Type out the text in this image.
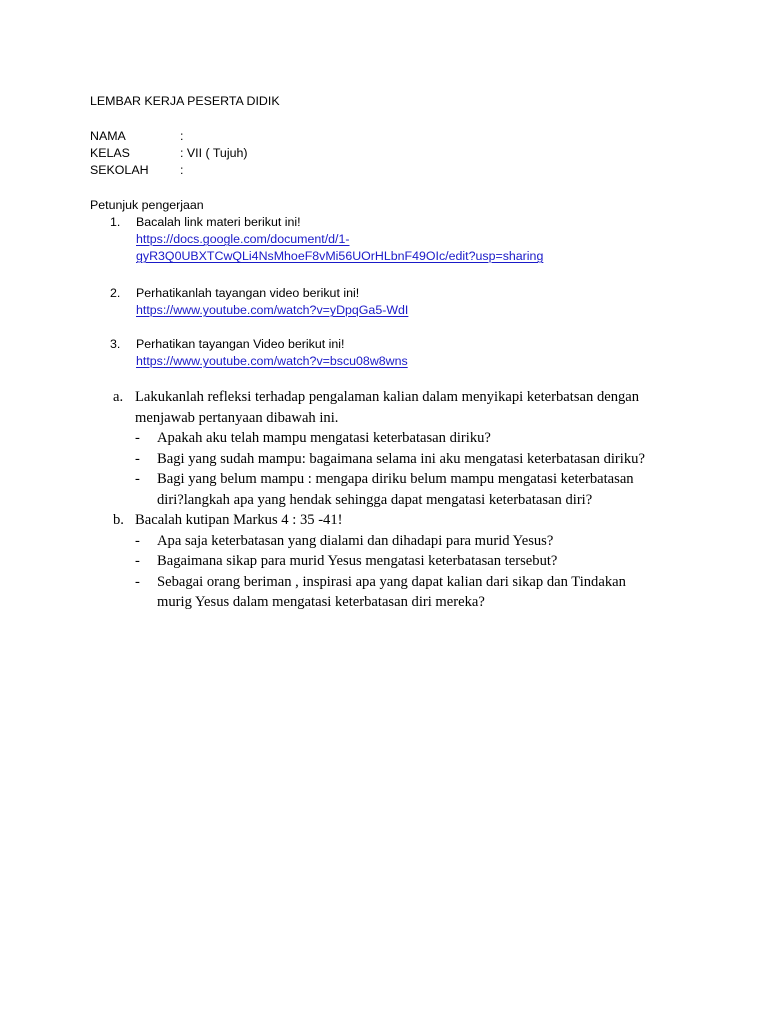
LEMBAR KERJA PESERTA DIDIK
NAMA	:
KELAS	: VII ( Tujuh)
SEKOLAH	:
Petunjuk pengerjaan
1. Bacalah link materi berikut ini!
https://docs.google.com/document/d/1-
gyR3Q0UBXTCwQLi4NsMhoeF8vMi56UOrHLbnF49OIc/edit?usp=sharing
2. Perhatikanlah tayangan video berikut ini!
https://www.youtube.com/watch?v=yDpqGa5-WdI
3. Perhatikan tayangan Video berikut ini!
https://www.youtube.com/watch?v=bscu08w8wns
a. Lakukanlah refleksi terhadap pengalaman kalian dalam menyikapi keterbatsan dengan menjawab pertanyaan dibawah ini.
- Apakah aku telah mampu mengatasi keterbatasan diriku?
- Bagi yang sudah mampu: bagaimana selama ini aku mengatasi keterbatasan diriku?
- Bagi yang belum mampu : mengapa diriku belum mampu mengatasi keterbatasan diri?langkah apa yang hendak sehingga dapat mengatasi keterbatasan diri?
b. Bacalah kutipan Markus 4 : 35 -41!
- Apa saja keterbatasan yang dialami dan dihadapi para murid Yesus?
- Bagaimana sikap para murid Yesus mengatasi keterbatasan tersebut?
- Sebagai orang beriman , inspirasi apa yang dapat kalian dari sikap dan Tindakan murig Yesus dalam mengatasi keterbatasan diri mereka?
